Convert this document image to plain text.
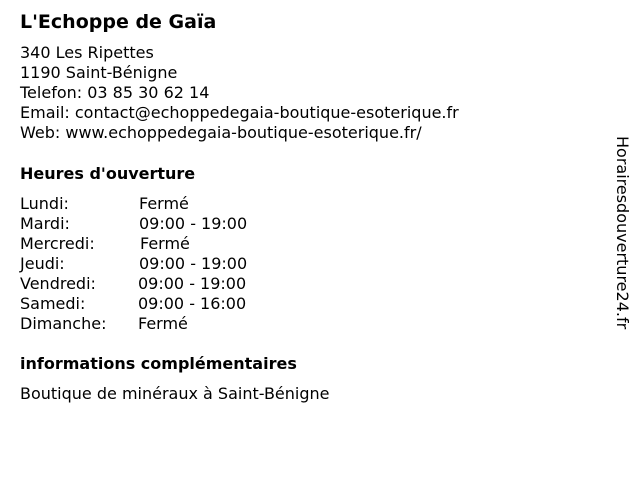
L'Echoppe de Gaïa
340 Les Ripettes
1190 Saint-Bénigne
Telefon: 03 85 30 62 14
Email: contact@echoppedegaia-boutique-esoterique.fr
Web: www.echoppedegaia-boutique-esoterique.fr/
Heures d'ouverture
Lundi:	Fermé
Mardi:	09:00 - 19:00
Mercredi:	Fermé
Jeudi:	09:00 - 19:00
Vendredi:	09:00 - 19:00
Samedi:	09:00 - 16:00
Dimanche: Fermé
informations complémentaires
Boutique de minéraux à Saint-Bénigne
Horairesdouverture24.fr
